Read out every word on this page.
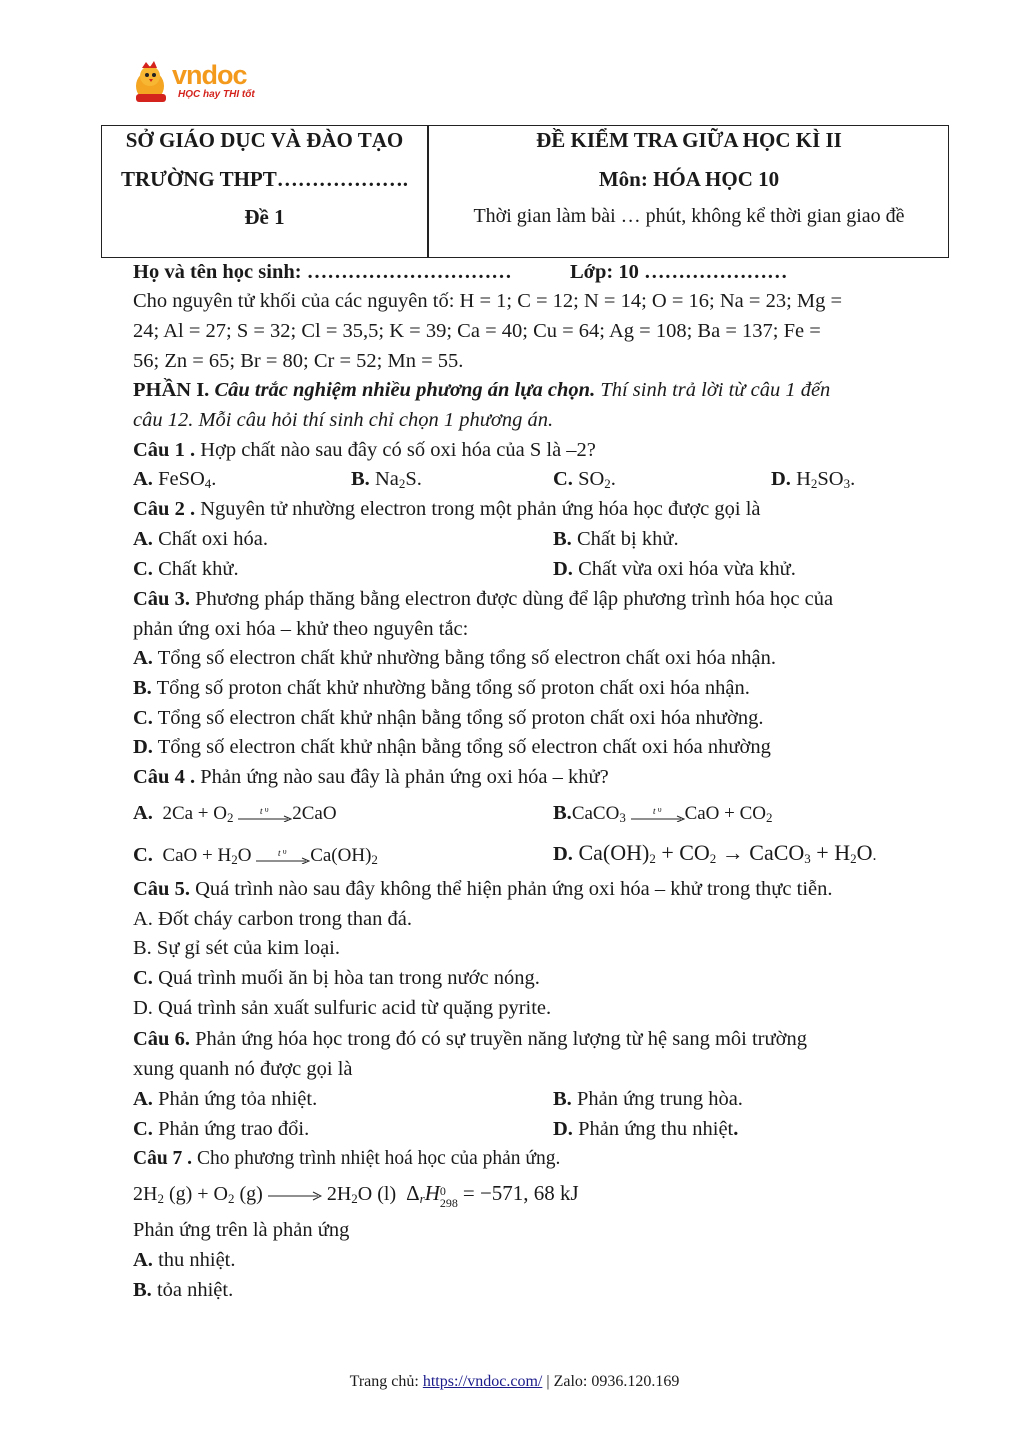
vndoc
HỌC hay THI tốt
SỞ GIÁO DỤC VÀ ĐÀO TẠO
TRƯỜNG THPT……………….
Đề 1
ĐỀ KIỂM TRA GIỮA HỌC KÌ II
Môn: HÓA HỌC 10
Thời gian làm bài … phút, không kể thời gian giao đề
Họ và tên học sinh: …………………………	Lớp: 10 …………………
Cho nguyên tử khối của các nguyên tố: H = 1; C = 12; N = 14; O = 16; Na = 23; Mg =
24; Al = 27; S = 32; Cl = 35,5; K = 39; Ca = 40; Cu = 64; Ag = 108; Ba = 137; Fe =
56; Zn = 65; Br = 80; Cr = 52; Mn = 55.
PHẦN I. Câu trắc nghiệm nhiều phương án lựa chọn. Thí sinh trả lời từ câu 1 đến
câu 12. Mỗi câu hỏi thí sinh chỉ chọn 1 phương án.
Câu 1 . Hợp chất nào sau đây có số oxi hóa của S là –2?
A. FeSO$_4$.	B. $Na_2S$.	C. $SO_2$.	D. $H_2SO_3$.
Câu 2 . Nguyên tử nhường electron trong một phản ứng hóa học được gọi là
A. Chất oxi hóa.	B. Chất bị khử.
C. Chất khử.	D. Chất vừa oxi hóa vừa khử.
Câu 3. Phương pháp thăng bằng electron được dùng để lập phương trình hóa học của
phản ứng oxi hóa – khử theo nguyên tắc:
A. Tổng số electron chất khử nhường bằng tổng số electron chất oxi hóa nhận.
B. Tổng số proton chất khử nhường bằng tổng số proton chất oxi hóa nhận.
C. Tổng số electron chất khử nhận bằng tổng số proton chất oxi hóa nhường.
D. Tổng số electron chất khử nhận bằng tổng số electron chất oxi hóa nhường
Câu 4 . Phản ứng nào sau đây là phản ứng oxi hóa – khử?
A.  $2Ca + O_2$	t 0 2CaO	B.CaCO$_3$	t 0 CaO + $CO_2$
C.  CaO + $H_2O$ t 0 $Ca(OH)_2$	D. $Ca(OH)_2 + CO_2$ → CaCO$_3$ + $H_2O$.
Câu 5. Quá trình nào sau đây không thể hiện phản ứng oxi hóa – khử trong thực tiễn.
A. Đốt cháy carbon trong than đá.
B. Sự gỉ sét của kim loại.
C. Quá trình muối ăn bị hòa tan trong nước nóng.
D. Quá trình sản xuất sulfuric acid từ quặng pyrite.
Câu 6. Phản ứng hóa học trong đó có sự truyền năng lượng từ hệ sang môi trường
xung quanh nó được gọi là
A. Phản ứng tỏa nhiệt.	B. Phản ứng trung hòa.
C. Phản ứng trao đổi.	D. Phản ứng thu nhiệt.
Câu 7 . Cho phương trình nhiệt hoá học của phản ứng.
$2H_2$ $(g) + O_2$ $(g) \to 2H_2O$ (l)  $\Delta_rH$ 0
298 = −571, 68 kJ
Phản ứng trên là phản ứng
A. thu nhiệt.
B. tỏa nhiệt.
Trang chủ: https://vndoc.com/ | Zalo: 0936.120.169
